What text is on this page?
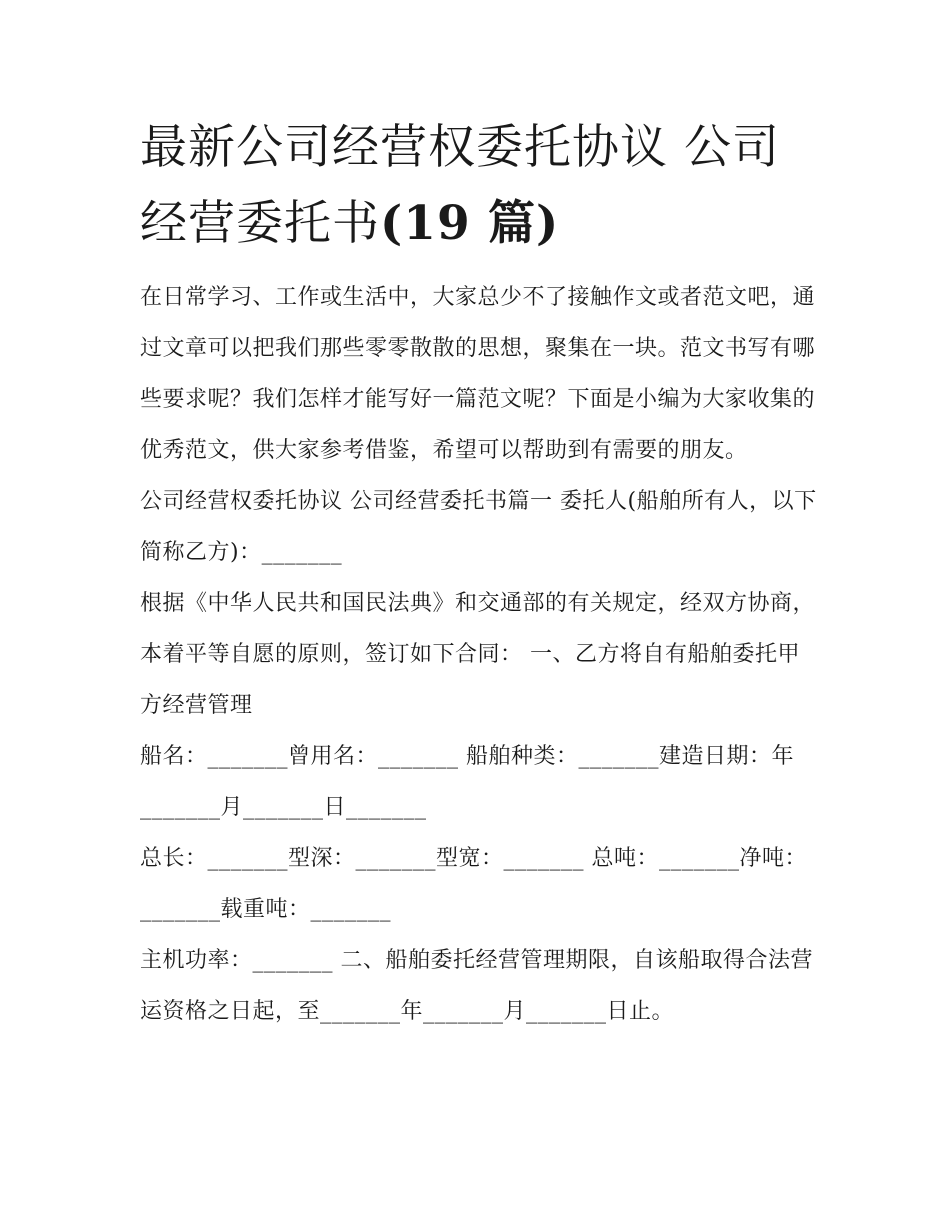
最新公司经营权委托协议 公司
经营委托书(19 篇)

在日常学习、工作或生活中，大家总少不了接触作文或者范文吧，通过文章可以把我们那些零零散散的思想，聚集在一块。范文书写有哪些要求呢？我们怎样才能写好一篇范文呢？下面是小编为大家收集的优秀范文，供大家参考借鉴，希望可以帮助到有需要的朋友。

公司经营权委托协议 公司经营委托书篇一 委托人(船舶所有人，以下简称乙方)：_______

根据《中华人民共和国民法典》和交通部的有关规定，经双方协商，本着平等自愿的原则，签订如下合同： 一、乙方将自有船舶委托甲方经营管理

船名：_______曾用名：_______ 船舶种类：_______建造日期：年_______月_______日_______

总长：_______型深：_______型宽：_______ 总吨：_______净吨：_______载重吨：_______

主机功率：_______ 二、船舶委托经营管理期限，自该船取得合法营运资格之日起，至_______年_______月_______日止。
